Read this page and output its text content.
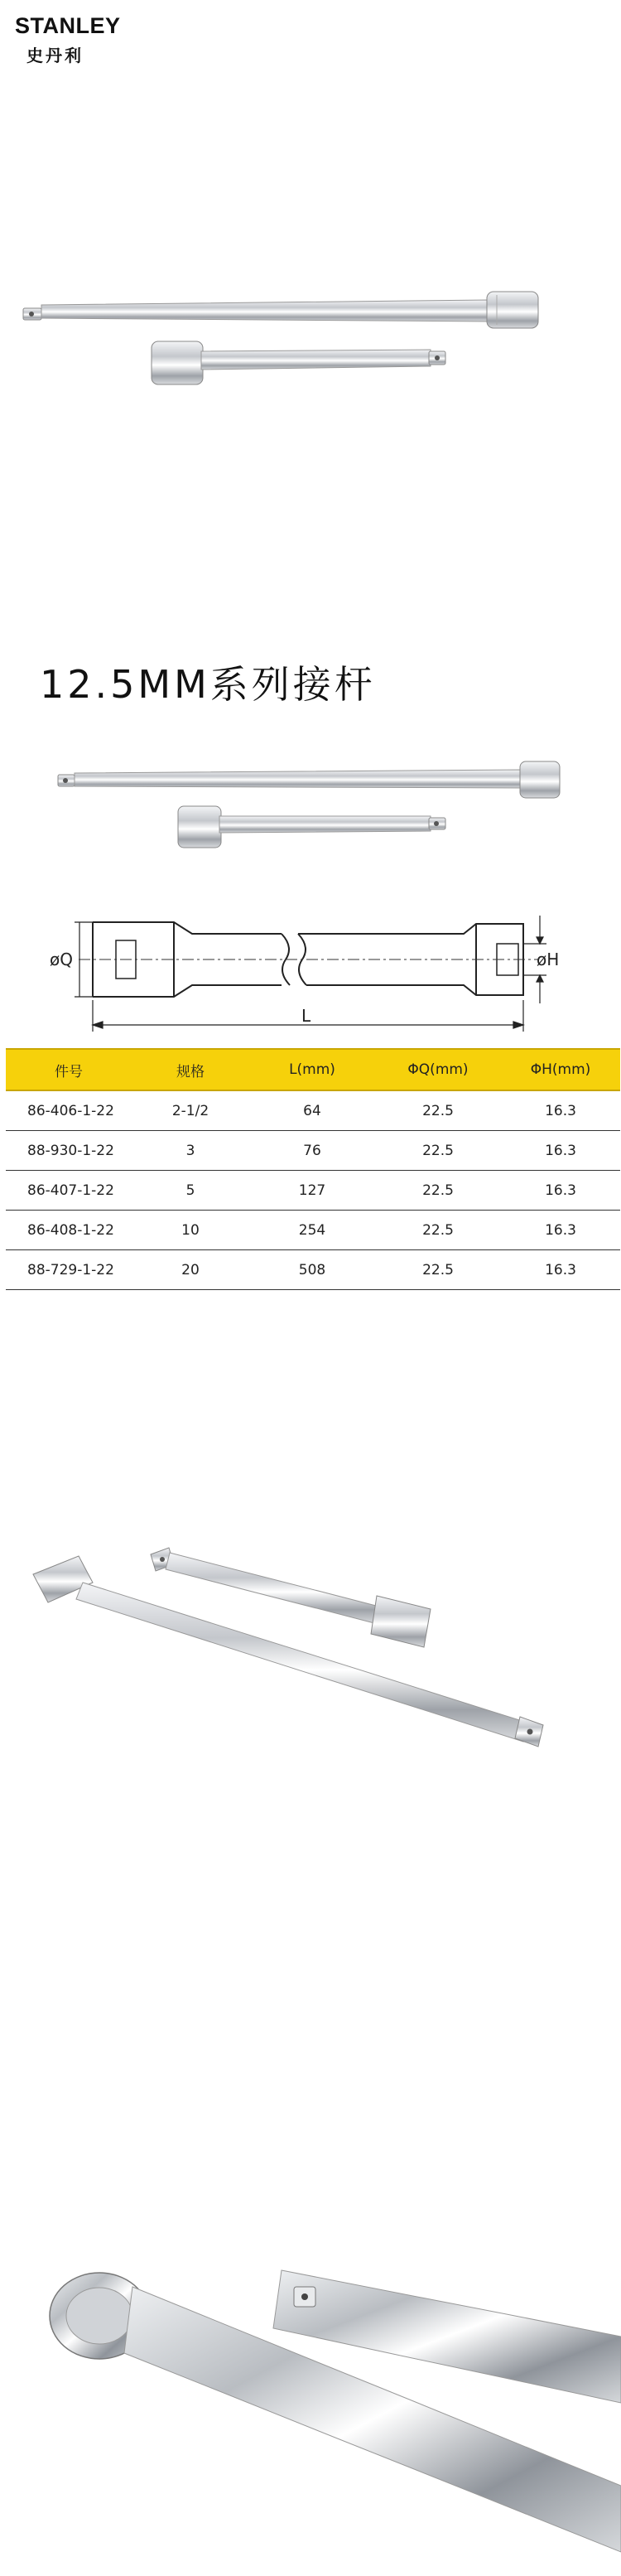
STANLEY
史丹利
12.5MM系列接杆
øQ	øH
L
件号	规格	L(mm)	ΦQ(mm)	ΦH(mm)
86-406-1-22	2-1/2	64	22.5	16.3
88-930-1-22	3	76	22.5	16.3
86-407-1-22	5	127	22.5	16.3
86-408-1-22	10	254	22.5	16.3
88-729-1-22	20	508	22.5	16.3
